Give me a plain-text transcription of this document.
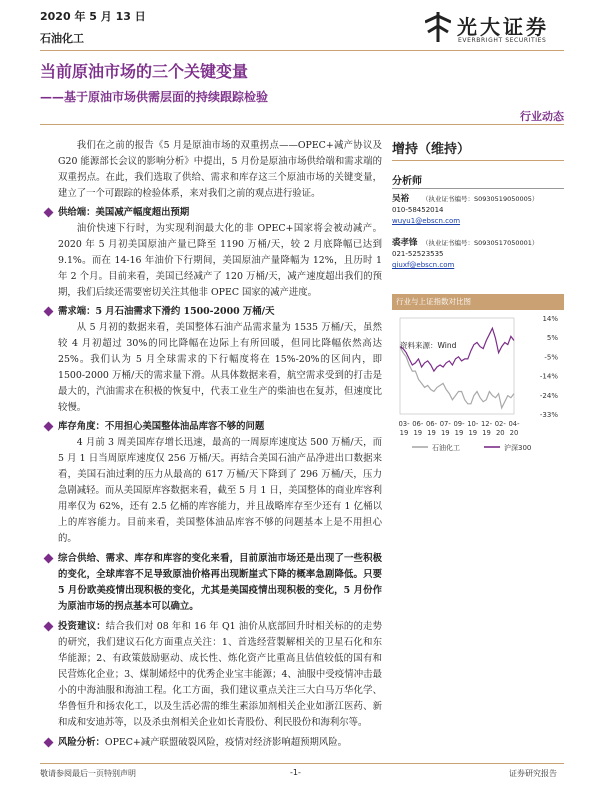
2020 年 5 月 13 日
石油化工	光大证券
EVERBRIGHT SECURITIES
当前原油市场的三个关键变量
——基于原油市场供需层面的持续跟踪检验
行业动态

我们在之前的报告《5 月是原油市场的双重拐点——OPEC+减产协议及 G20 能源部长会议的影响分析》中提出，5 月份是原油市场供给端和需求端的双重拐点。在此，我们选取了供给、需求和库存这三个原油市场的关键变量，建立了一个可跟踪的检验体系，来对我们之前的观点进行验证。

供给端：美国减产幅度超出预期

油价快速下行时，为实现利润最大化的非 OPEC+国家将会被动减产。2020 年 5 月初美国原油产量已降至 1190 万桶/天，较 2 月底降幅已达到 9.1%。而在 14-16 年油价下行期间，美国原油产量降幅为 12%，且历时 1 年 2 个月。目前来看，美国已经减产了 120 万桶/天，减产速度超出我们的预期，我们后续还需要密切关注其他非 OPEC 国家的减产进度。

需求端：5 月石油需求下滑约 1500-2000 万桶/天

从 5 月初的数据来看，美国整体石油产品需求量为 1535 万桶/天，虽然较 4 月初超过 30%的同比降幅在边际上有所回暖，但同比降幅依然高达 25%。我们认为 5 月全球需求的下行幅度将在 15%-20%的区间内，即 1500-2000 万桶/天的需求量下滑。从具体数据来看，航空需求受到的打击是最大的，汽油需求在积极的恢复中，代表工业生产的柴油也在复苏，但速度比较慢。

库存角度：不用担心美国整体油品库容不够的问题

4 月前 3 周美国库存增长迅速，最高的一周原库速度达 500 万桶/天，而 5 月 1 日当周原库速度仅 256 万桶/天。再结合美国石油产品净进出口数据来看，美国石油过剩的压力从最高的 617 万桶/天下降到了 296 万桶/天，压力急剧减轻。而从美国原库容数据来看，截至 5 月 1 日，美国整体的商业库容利用率仅为 62%，还有 2.5 亿桶的库容能力，并且战略库存至少还有 1 亿桶以上的库容能力。目前来看，美国整体油品库容不够的问题基本上是不用担心的。

综合供给、需求、库存和库容的变化来看，目前原油市场还是出现了一些积极的变化，全球库容不足导致原油价格再出现断崖式下降的概率急剧降低。只要 5 月份欧美疫情出现积极的变化，尤其是美国疫情出现积极的变化，5 月份作为原油市场的拐点基本可以确立。
投资建议：结合我们对 08 年和 16 年 Q1 油价从底部回升时相关标的的走势的研究，我们建议石化方面重点关注：1、首选经营製解相关的卫星石化和东华能源；2、有政策鼓励驱动、成长性、炼化资产比重高且估值较低的国有和民营炼化企业；3、煤制烯烃中的优秀企业宝丰能源；4、油服中受疫情冲击最小的中海油服和海油工程。化工方面，我们建议重点关注三大白马万华化学、华鲁恒升和扬农化工，以及生活必需的维生素添加剂相关企业如浙江医药、新和成和安迪苏等，以及杀虫剂相关企业如长青股份、利民股份和海利尔等。
风险分析：OPEC+减产联盟破裂风险，疫情对经济影响超预期风险。
增持（维持）
分析师
吴裕 （执业证书编号：S0930519050005）
010-58452014
wuyu1@ebscn.com
裘孝锋 （执业证书编号：S0930517050001）
021-52523535
qiuxf@ebscn.com
行业与上证指数对比图
14%
5%
-5%
-14%
-24%
-33%
03-
19
06-
19
06-
19
07-
19
09-
19
10-
19
12-
19
02-
20
04-
20
石油化工	沪深300
资料来源：Wind
敬请参阅最后一页特别声明	-1-	证券研究报告
